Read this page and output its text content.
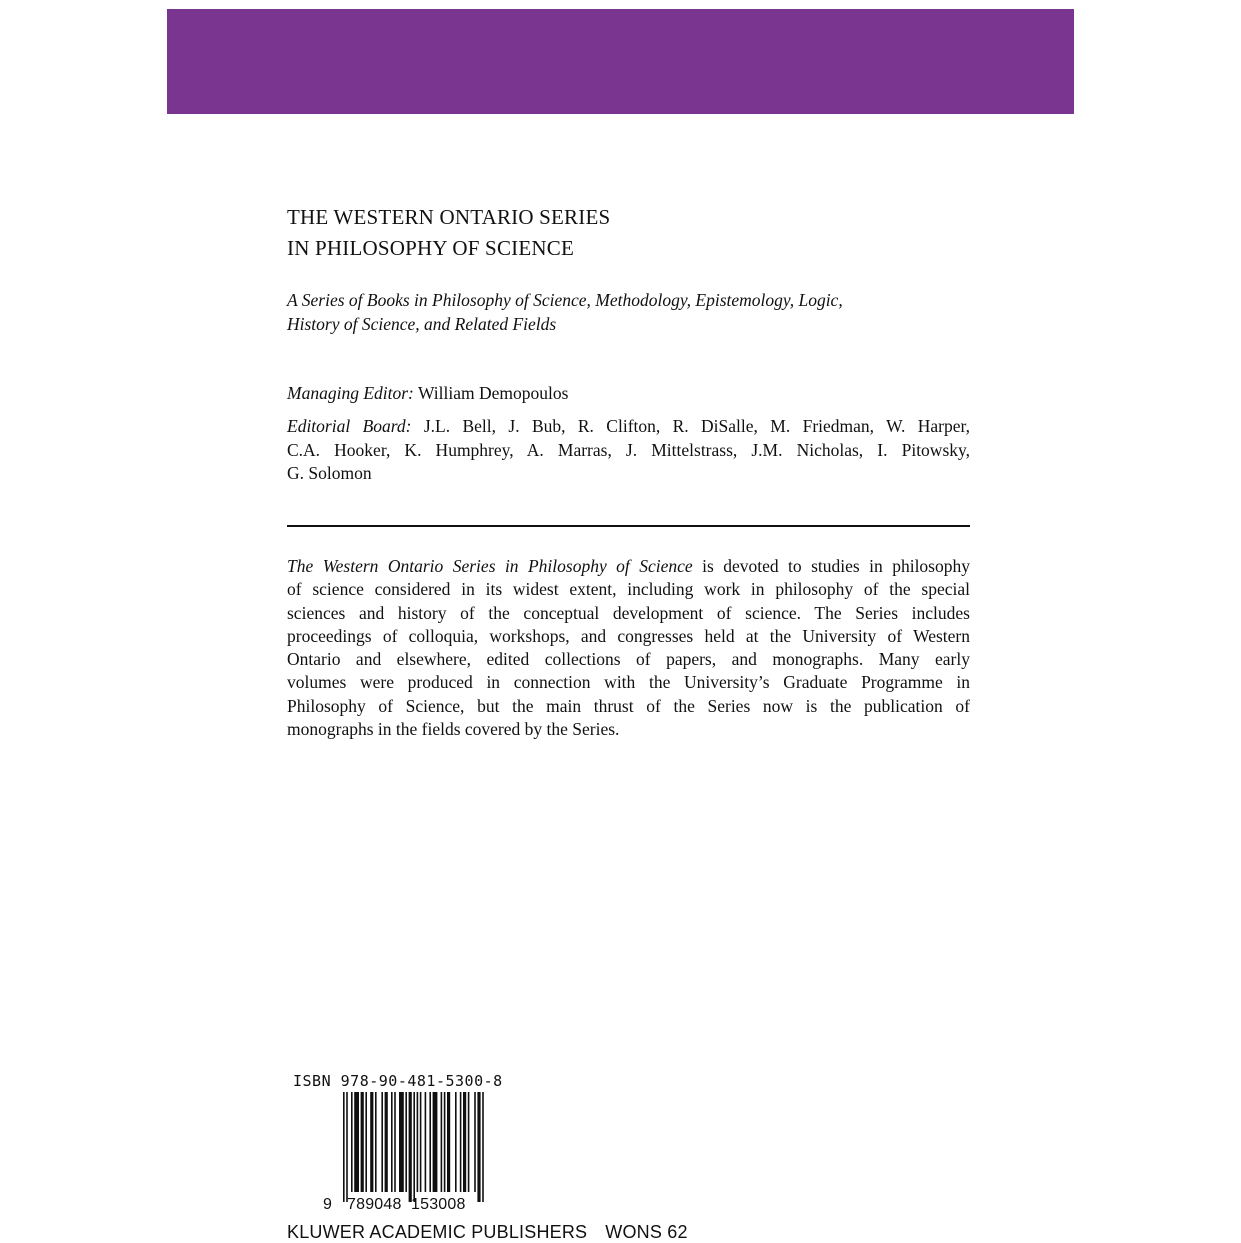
THE WESTERN ONTARIO SERIES
IN PHILOSOPHY OF SCIENCE
A Series of Books in Philosophy of Science, Methodology, Epistemology, Logic,
History of Science, and Related Fields
Managing Editor: William Demopoulos
Editorial Board: J.L. Bell, J. Bub, R. Clifton, R. DiSalle, M. Friedman, W. Harper,
C.A. Hooker, K. Humphrey, A. Marras, J. Mittelstrass, J.M. Nicholas, I. Pitowsky,
G. Solomon
The Western Ontario Series in Philosophy of Science is devoted to studies in philosophy
of science considered in its widest extent, including work in philosophy of the special
sciences and history of the conceptual development of science. The Series includes
proceedings of colloquia, workshops, and congresses held at the University of Western
Ontario and elsewhere, edited collections of papers, and monographs. Many early
volumes were produced in connection with the University’s Graduate Programme in
Philosophy of Science, but the main thrust of the Series now is the publication of
monographs in the fields covered by the Series.
ISBN 978-90-481-5300-8
9 789048 153008
KLUWER ACADEMIC PUBLISHERS WONS 62
